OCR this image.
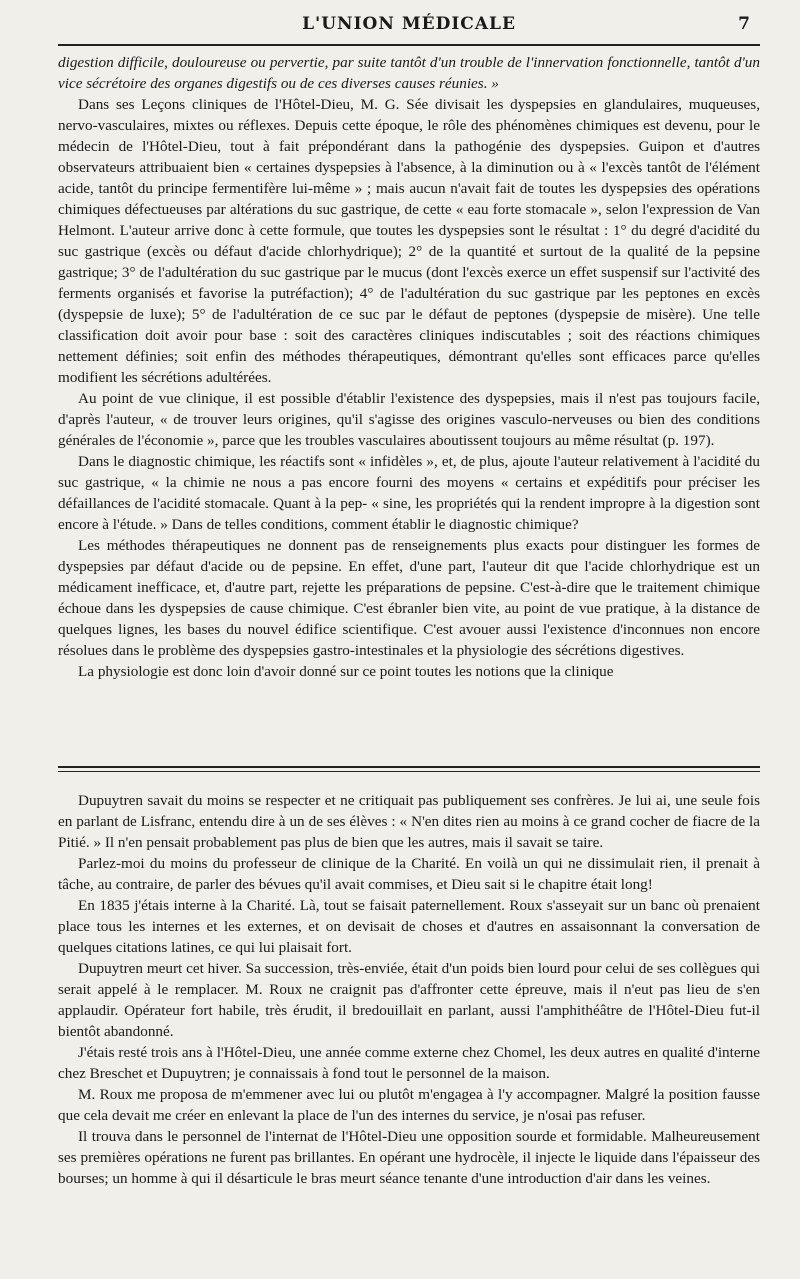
L'UNION MÉDICALE	7

digestion difficile, douloureuse ou pervertie, par suite tantôt d'un trouble de l'innervation fonctionnelle, tantôt d'un vice sécrétoire des organes digestifs ou de ces diverses causes réunies. »

Dans ses Leçons cliniques de l'Hôtel-Dieu, M. G. Sée divisait les dyspepsies en glandulaires, muqueuses, nervo-vasculaires, mixtes ou réflexes. Depuis cette époque, le rôle des phénomènes chimiques est devenu, pour le médecin de l'Hôtel-Dieu, tout à fait prépondérant dans la pathogénie des dyspepsies. Guipon et d'autres observateurs attribuaient bien « certaines dyspepsies à l'absence, à la diminution ou à « l'excès tantôt de l'élément acide, tantôt du principe fermentifère lui-même » ; mais aucun n'avait fait de toutes les dyspepsies des opérations chimiques défectueuses par altérations du suc gastrique, de cette « eau forte stomacale », selon l'expression de Van Helmont. L'auteur arrive donc à cette formule, que toutes les dyspepsies sont le résultat : 1° du degré d'acidité du suc gastrique (excès ou défaut d'acide chlorhydrique); 2° de la quantité et surtout de la qualité de la pepsine gastrique; 3° de l'adultération du suc gastrique par le mucus (dont l'excès exerce un effet suspensif sur l'activité des ferments organisés et favorise la putréfaction); 4° de l'adultération du suc gastrique par les peptones en excès (dyspepsie de luxe); 5° de l'adultération de ce suc par le défaut de peptones (dyspepsie de misère). Une telle classification doit avoir pour base : soit des caractères cliniques indiscutables ; soit des réactions chimiques nettement définies; soit enfin des méthodes thérapeutiques, démontrant qu'elles sont efficaces parce qu'elles modifient les sécrétions adultérées.

Au point de vue clinique, il est possible d'établir l'existence des dyspepsies, mais il n'est pas toujours facile, d'après l'auteur, « de trouver leurs origines, qu'il s'agisse des origines vasculo-nerveuses ou bien des conditions générales de l'économie », parce que les troubles vasculaires aboutissent toujours au même résultat (p. 197).

Dans le diagnostic chimique, les réactifs sont « infidèles », et, de plus, ajoute l'auteur relativement à l'acidité du suc gastrique, « la chimie ne nous a pas encore fourni des moyens « certains et expéditifs pour préciser les défaillances de l'acidité stomacale. Quant à la pep- « sine, les propriétés qui la rendent impropre à la digestion sont encore à l'étude. » Dans de telles conditions, comment établir le diagnostic chimique?

Les méthodes thérapeutiques ne donnent pas de renseignements plus exacts pour distinguer les formes de dyspepsies par défaut d'acide ou de pepsine. En effet, d'une part, l'auteur dit que l'acide chlorhydrique est un médicament inefficace, et, d'autre part, rejette les préparations de pepsine. C'est-à-dire que le traitement chimique échoue dans les dyspepsies de cause chimique. C'est ébranler bien vite, au point de vue pratique, à la distance de quelques lignes, les bases du nouvel édifice scientifique. C'est avouer aussi l'existence d'inconnues non encore résolues dans le problème des dyspepsies gastro-intestinales et la physiologie des sécrétions digestives.

La physiologie est donc loin d'avoir donné sur ce point toutes les notions que la clinique

Dupuytren savait du moins se respecter et ne critiquait pas publiquement ses confrères. Je lui ai, une seule fois en parlant de Lisfranc, entendu dire à un de ses élèves : « N'en dites rien au moins à ce grand cocher de fiacre de la Pitié. » Il n'en pensait probablement pas plus de bien que les autres, mais il savait se taire.

Parlez-moi du moins du professeur de clinique de la Charité. En voilà un qui ne dissimulait rien, il prenait à tâche, au contraire, de parler des bévues qu'il avait commises, et Dieu sait si le chapitre était long!

En 1835 j'étais interne à la Charité. Là, tout se faisait paternellement. Roux s'asseyait sur un banc où prenaient place tous les internes et les externes, et on devisait de choses et d'autres en assaisonnant la conversation de quelques citations latines, ce qui lui plaisait fort.

Dupuytren meurt cet hiver. Sa succession, très-enviée, était d'un poids bien lourd pour celui de ses collègues qui serait appelé à le remplacer. M. Roux ne craignit pas d'affronter cette épreuve, mais il n'eut pas lieu de s'en applaudir. Opérateur fort habile, très érudit, il bredouillait en parlant, aussi l'amphithéâtre de l'Hôtel-Dieu fut-il bientôt abandonné.

J'étais resté trois ans à l'Hôtel-Dieu, une année comme externe chez Chomel, les deux autres en qualité d'interne chez Breschet et Dupuytren; je connaissais à fond tout le personnel de la maison.

M. Roux me proposa de m'emmener avec lui ou plutôt m'engagea à l'y accompagner. Malgré la position fausse que cela devait me créer en enlevant la place de l'un des internes du service, je n'osai pas refuser.

Il trouva dans le personnel de l'internat de l'Hôtel-Dieu une opposition sourde et formidable. Malheureusement ses premières opérations ne furent pas brillantes. En opérant une hydrocèle, il injecte le liquide dans l'épaisseur des bourses; un homme à qui il désarticule le bras meurt séance tenante d'une introduction d'air dans les veines.
